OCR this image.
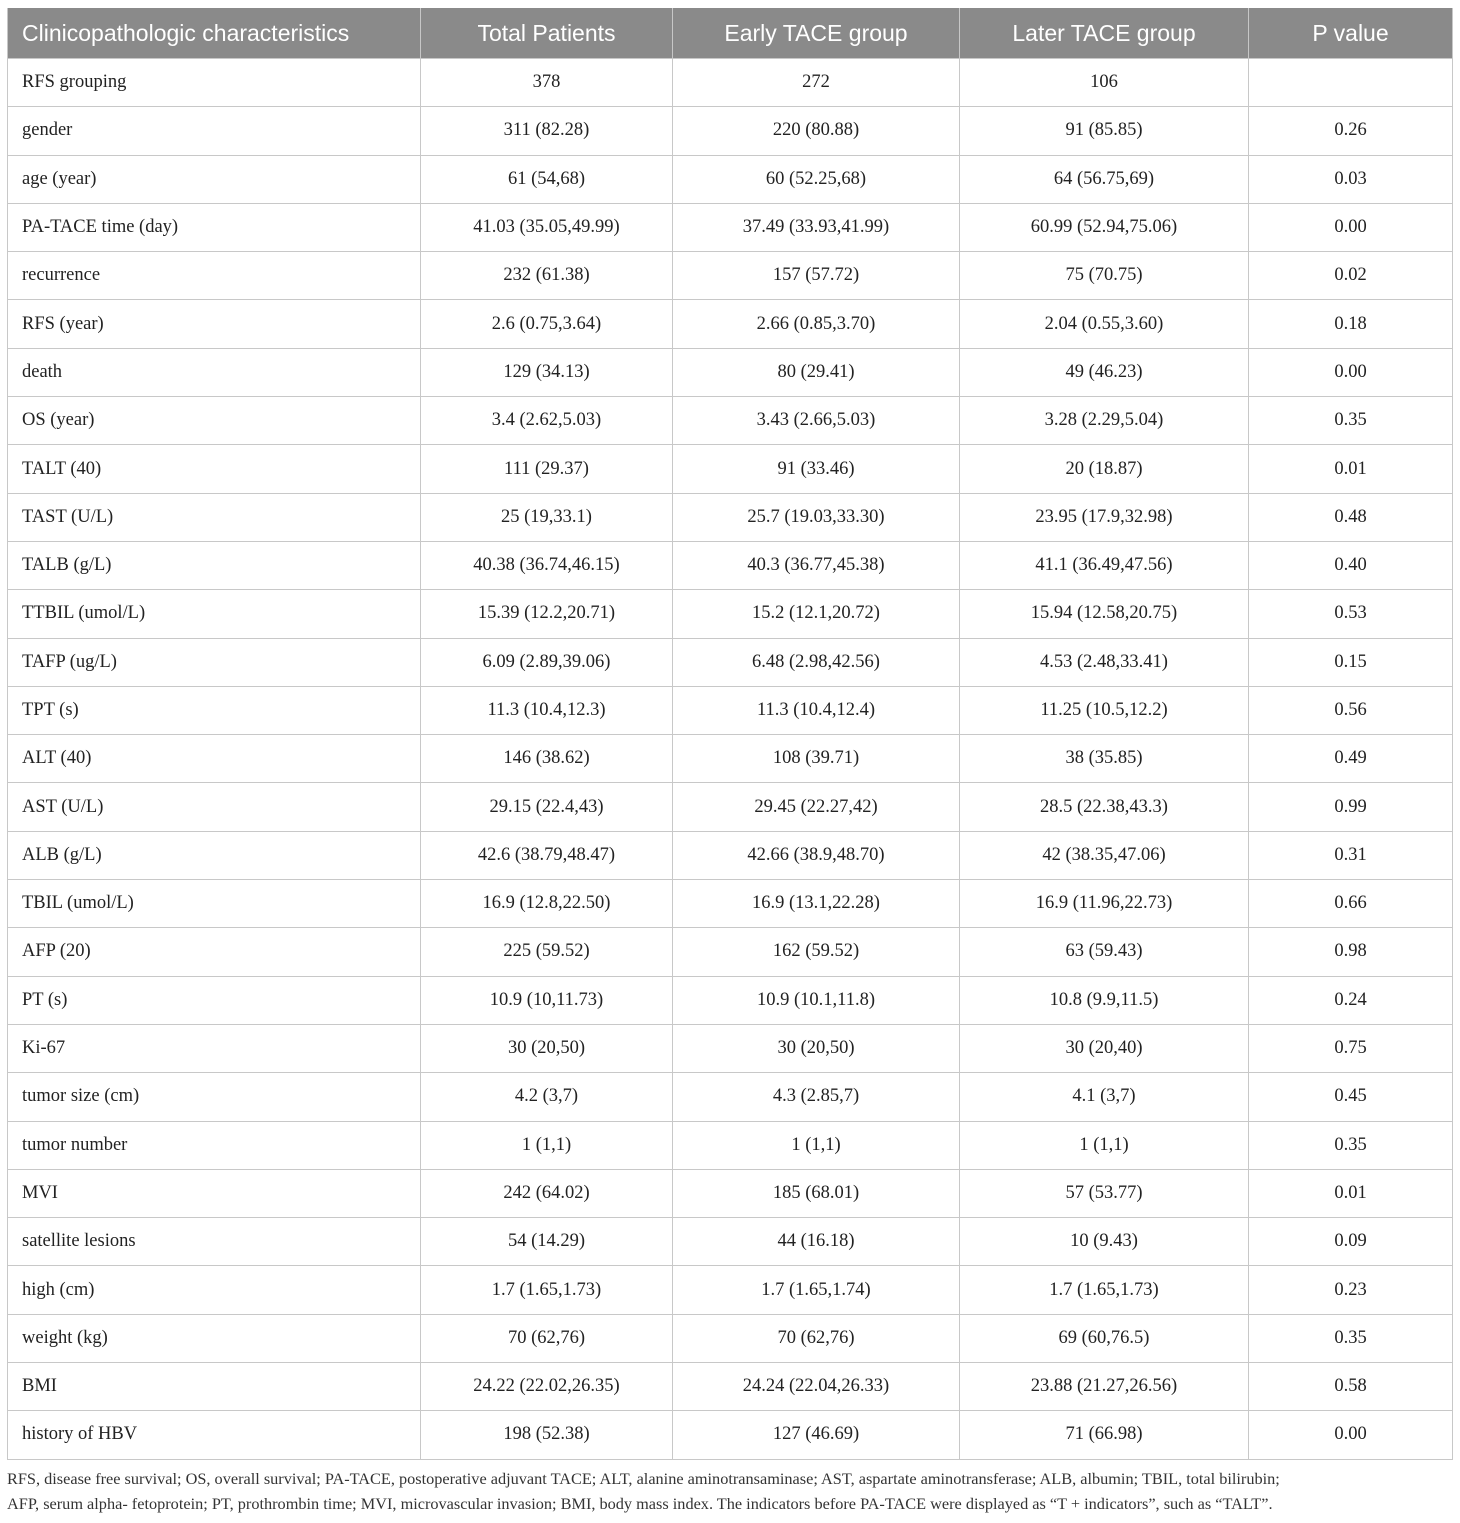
Clinicopathologic characteristics	Total Patients	Early TACE group	Later TACE group	P value
RFS grouping	378	272	106	
gender	311 (82.28)	220 (80.88)	91 (85.85)	0.26
age (year)	61 (54,68)	60 (52.25,68)	64 (56.75,69)	0.03
PA-TACE time (day)	41.03 (35.05,49.99)	37.49 (33.93,41.99)	60.99 (52.94,75.06)	0.00
recurrence	232 (61.38)	157 (57.72)	75 (70.75)	0.02
RFS (year)	2.6 (0.75,3.64)	2.66 (0.85,3.70)	2.04 (0.55,3.60)	0.18
death	129 (34.13)	80 (29.41)	49 (46.23)	0.00
OS (year)	3.4 (2.62,5.03)	3.43 (2.66,5.03)	3.28 (2.29,5.04)	0.35
TALT (40)	111 (29.37)	91 (33.46)	20 (18.87)	0.01
TAST (U/L)	25 (19,33.1)	25.7 (19.03,33.30)	23.95 (17.9,32.98)	0.48
TALB (g/L)	40.38 (36.74,46.15)	40.3 (36.77,45.38)	41.1 (36.49,47.56)	0.40
TTBIL (umol/L)	15.39 (12.2,20.71)	15.2 (12.1,20.72)	15.94 (12.58,20.75)	0.53
TAFP (ug/L)	6.09 (2.89,39.06)	6.48 (2.98,42.56)	4.53 (2.48,33.41)	0.15
TPT (s)	11.3 (10.4,12.3)	11.3 (10.4,12.4)	11.25 (10.5,12.2)	0.56
ALT (40)	146 (38.62)	108 (39.71)	38 (35.85)	0.49
AST (U/L)	29.15 (22.4,43)	29.45 (22.27,42)	28.5 (22.38,43.3)	0.99
ALB (g/L)	42.6 (38.79,48.47)	42.66 (38.9,48.70)	42 (38.35,47.06)	0.31
TBIL (umol/L)	16.9 (12.8,22.50)	16.9 (13.1,22.28)	16.9 (11.96,22.73)	0.66
AFP (20)	225 (59.52)	162 (59.52)	63 (59.43)	0.98
PT (s)	10.9 (10,11.73)	10.9 (10.1,11.8)	10.8 (9.9,11.5)	0.24
Ki-67	30 (20,50)	30 (20,50)	30 (20,40)	0.75
tumor size (cm)	4.2 (3,7)	4.3 (2.85,7)	4.1 (3,7)	0.45
tumor number	1 (1,1)	1 (1,1)	1 (1,1)	0.35
MVI	242 (64.02)	185 (68.01)	57 (53.77)	0.01
satellite lesions	54 (14.29)	44 (16.18)	10 (9.43)	0.09
high (cm)	1.7 (1.65,1.73)	1.7 (1.65,1.74)	1.7 (1.65,1.73)	0.23
weight (kg)	70 (62,76)	70 (62,76)	69 (60,76.5)	0.35
BMI	24.22 (22.02,26.35)	24.24 (22.04,26.33)	23.88 (21.27,26.56)	0.58
history of HBV	198 (52.38)	127 (46.69)	71 (66.98)	0.00
RFS, disease free survival; OS, overall survival; PA-TACE, postoperative adjuvant TACE; ALT, alanine aminotransaminase; AST, aspartate aminotransferase; ALB, albumin; TBIL, total bilirubin;
AFP, serum alpha- fetoprotein; PT, prothrombin time; MVI, microvascular invasion; BMI, body mass index. The indicators before PA-TACE were displayed as “T + indicators”, such as “TALT”.
